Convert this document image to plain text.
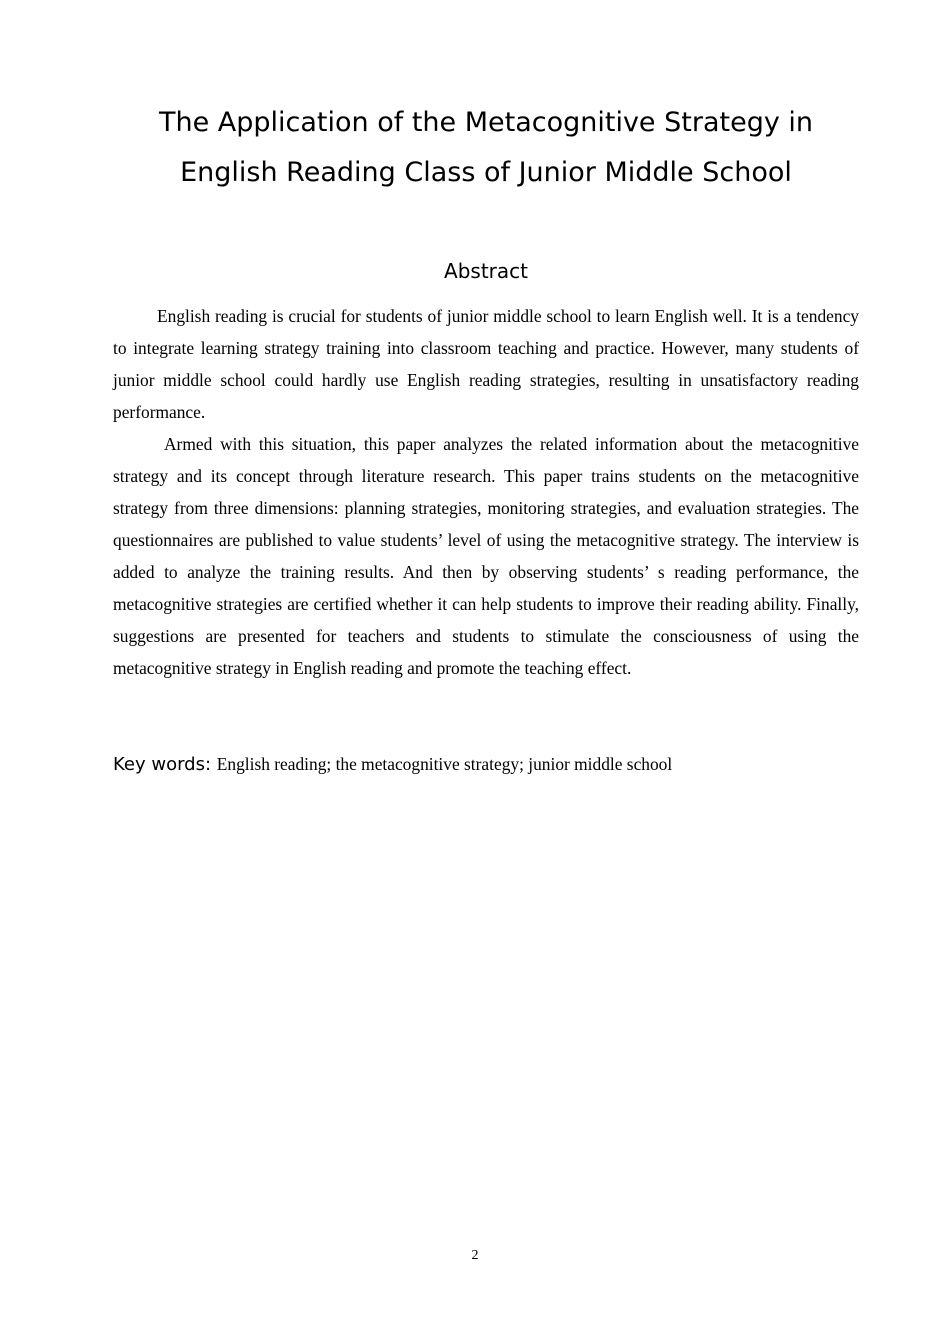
The Application of the Metacognitive Strategy in
English Reading Class of Junior Middle School
Abstract

English reading is crucial for students of junior middle school to learn English well. It is a tendency to integrate learning strategy training into classroom teaching and practice. However, many students of junior middle school could hardly use English reading strategies, resulting in unsatisfactory reading performance.

Armed with this situation, this paper analyzes the related information about the metacognitive strategy and its concept through literature research. This paper trains students on the metacognitive strategy from three dimensions: planning strategies, monitoring strategies, and evaluation strategies. The questionnaires are published to value students’ level of using the metacognitive strategy. The interview is added to analyze the training results. And then by observing students’ s reading performance, the metacognitive strategies are certified whether it can help students to improve their reading ability. Finally, suggestions are presented for teachers and students to stimulate the consciousness of using the metacognitive strategy in English reading and promote the teaching effect.

Key words: English reading; the metacognitive strategy; junior middle school
2
